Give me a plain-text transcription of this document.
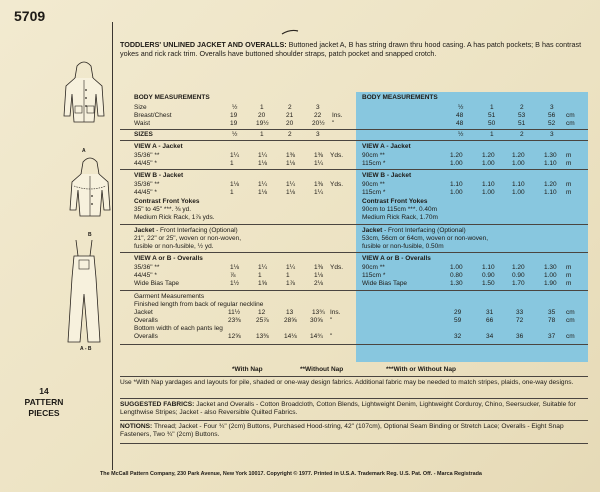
5709
A
B
A - B
14
PATTERN
PIECES

TODDLERS' UNLINED JACKET AND OVERALLS: Buttoned jacket A, B has string drawn thru hood casing. A has patch pockets; B has contrast yokes and rick rack trim. Overalls have buttoned shoulder straps, patch pocket and snapped crotch.

BODY MEASUREMENTS	BODY MEASUREMENTS
Size	½	1	2	3	½	1	2	3
Breast/Chest	19	20	21	22 Ins.	48	51	53	56 cm
Waist	19	19½	20	20½ "	48	50	51	52 cm
SIZES	½	1	2	3	½	1	2	3
VIEW A - Jacket	VIEW A - Jacket
35/36" **	1¼	1¼	1⅜	1⅜ Yds.
44/45" *	1	1⅛	1⅛	1¼
90cm **	1.20	1.20	1.20	1.30 m
115cm *	1.00	1.00	1.00	1.10 m
VIEW B - Jacket	VIEW B - Jacket
35/36" **	1⅛	1¼	1¼	1⅜ Yds.
44/45" *	1	1⅛	1⅛	1¼
Contrast Front Yokes
35" to 45" ***. ⅜ yd.
Medium Rick Rack, 1⅞ yds.
90cm **	1.10	1.10	1.10	1.20 m
115cm *	1.00	1.00	1.00	1.10 m
Contrast Front Yokes
90cm to 115cm ***. 0.40m
Medium Rick Rack, 1.70m
Jacket - Front Interfacing (Optional)
21", 22" or 25", woven or non-woven,
fusible or non-fusible, ½ yd.
Jacket - Front Interfacing (Optional)
53cm, 56cm or 64cm, woven or non-woven,
fusible or non-fusible, 0.50m
VIEW A or B - Overalls	VIEW A or B - Overalls
35/36" **	1⅛	1¼	1¼	1⅜ Yds.
44/45" *	⅞	1	1	1⅛
Wide Bias Tape	1½	1⅝	1⅞	2⅛
90cm **	1.00	1.10	1.20	1.30 m
115cm *	0.80	0.90	0.90	1.00 m
Wide Bias Tape	1.30	1.50	1.70	1.90 m
Garment Measurements
Finished length from back of regular neckline
Jacket	11½	12	13	13¾ Ins.
Overalls	23⅜ 25⅞ 28⅝ 30⅝ "
Bottom width of each pants leg
Overalls	12⅝ 13⅜ 14⅛ 14¾ "
29	31	33	35 cm
59	66	72	78 cm
32	34	36	37 cm
*With Nap	**Without Nap	***With or Without Nap
Use *With Nap yardages and layouts for pile, shaded or one-way design fabrics. Additional fabric may be needed to match stripes, plaids, one-way designs.
SUGGESTED FABRICS: Jacket and Overalls - Cotton Broadcloth, Cotton Blends, Lightweight Denim, Lightweight Corduroy, Chino, Seersucker, Suitable for Lengthwise Stripes; Jacket - also Reversible Quilted Fabrics.
NOTIONS: Thread; Jacket - Four ¾" (2cm) Buttons, Purchased Hood-string, 42" (107cm), Optional Seam Binding or Stretch Lace; Overalls - Eight Snap Fasteners, Two ¾" (2cm) Buttons.
The McCall Pattern Company, 230 Park Avenue, New York 10017. Copyright © 1977. Printed in U.S.A. Trademark Reg. U.S. Pat. Off. - Marca Registrada
